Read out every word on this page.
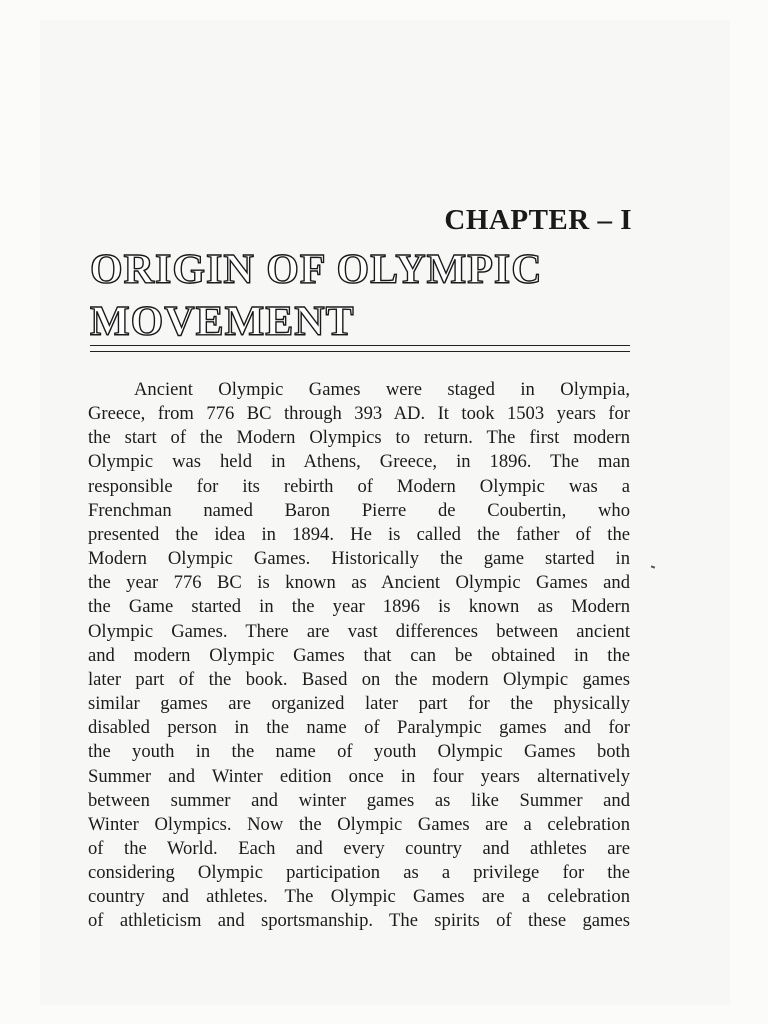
CHAPTER – I
ORIGIN OF OLYMPIC
MOVEMENT

Ancient Olympic Games were staged in Olympia,
Greece, from 776 BC through 393 AD. It took 1503 years for
the start of the Modern Olympics to return. The first modern
Olympic was held in Athens, Greece, in 1896. The man
responsible for its rebirth of Modern Olympic was a
Frenchman named Baron Pierre de Coubertin, who
presented the idea in 1894. He is called the father of the
Modern Olympic Games. Historically the game started in
the year 776 BC is known as Ancient Olympic Games and
the Game started in the year 1896 is known as Modern
Olympic Games. There are vast differences between ancient
and modern Olympic Games that can be obtained in the
later part of the book. Based on the modern Olympic games
similar games are organized later part for the physically
disabled person in the name of Paralympic games and for
the youth in the name of youth Olympic Games both
Summer and Winter edition once in four years alternatively
between summer and winter games as like Summer and
Winter Olympics. Now the Olympic Games are a celebration
of the World. Each and every country and athletes are
considering Olympic participation as a privilege for the
country and athletes. The Olympic Games are a celebration
of athleticism and sportsmanship. The spirits of these games
